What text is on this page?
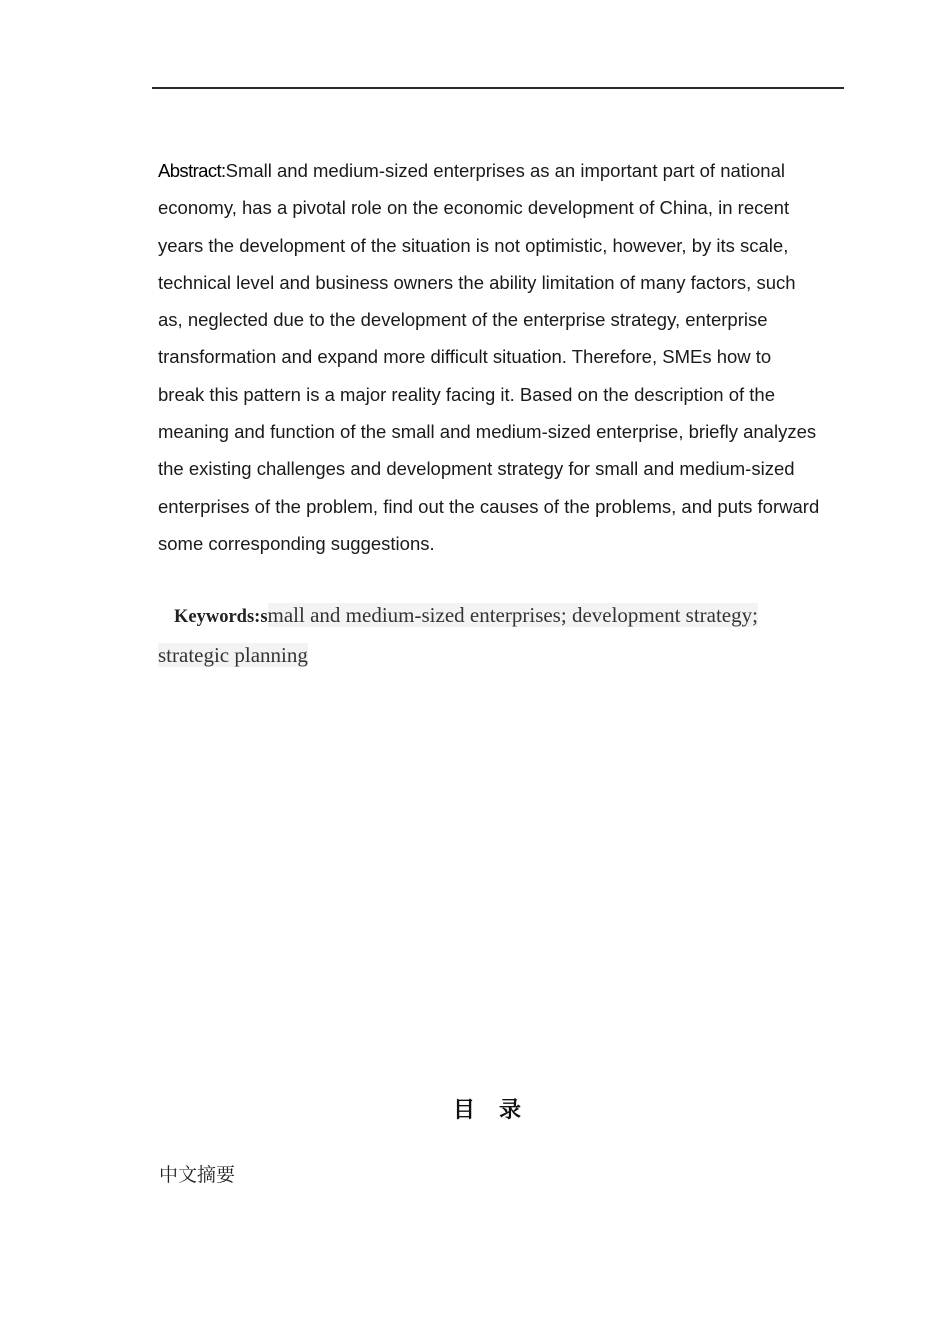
Abstract:Small and medium-sized enterprises as an important part of national economy, has a pivotal role on the economic development of China, in recent years the development of the situation is not optimistic, however, by its scale, technical level and business owners the ability limitation of many factors, such as, neglected due to the development of the enterprise strategy, enterprise transformation and expand more difficult situation. Therefore, SMEs how to break this pattern is a major reality facing it. Based on the description of the meaning and function of the small and medium-sized enterprise, briefly analyzes the existing challenges and development strategy for small and medium-sized enterprises of the problem, find out the causes of the problems, and puts forward some corresponding suggestions.

Keywords:small and medium-sized enterprises; development strategy; strategic planning

目录

中文摘要
